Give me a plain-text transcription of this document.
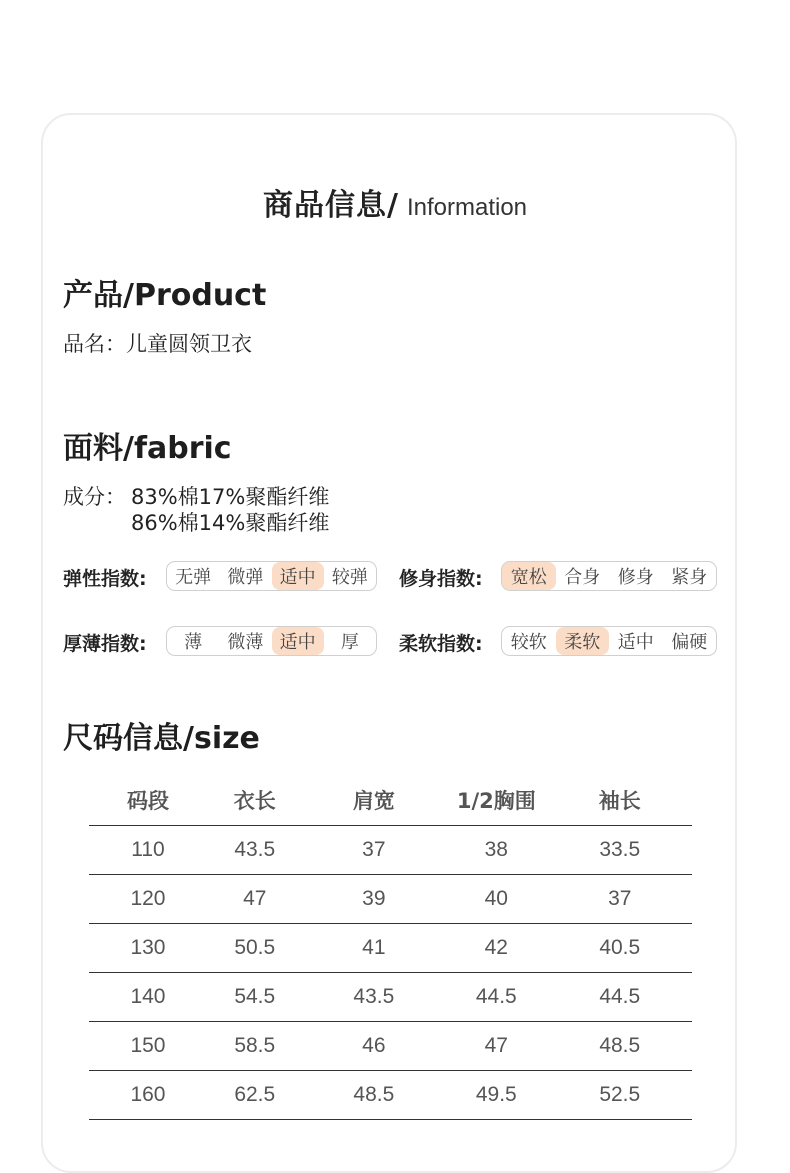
商品信息/ Information
产品/Product
品名：儿童圆领卫衣
面料/fabric
成分： 83%棉17%聚酯纤维
86%棉14%聚酯纤维
弹性指数:	无弹 微弹 适中 较弹	修身指数:	宽松 合身 修身 紧身
厚薄指数:	薄	微薄 适中	厚	柔软指数:	较软 柔软 适中 偏硬
尺码信息/size
码段	衣长	肩宽	1/2胸围	袖长
110	43.5	37	38	33.5
120	47	39	40	37
130	50.5	41	42	40.5
140	54.5	43.5	44.5	44.5
150	58.5	46	47	48.5
160	62.5	48.5	49.5	52.5
